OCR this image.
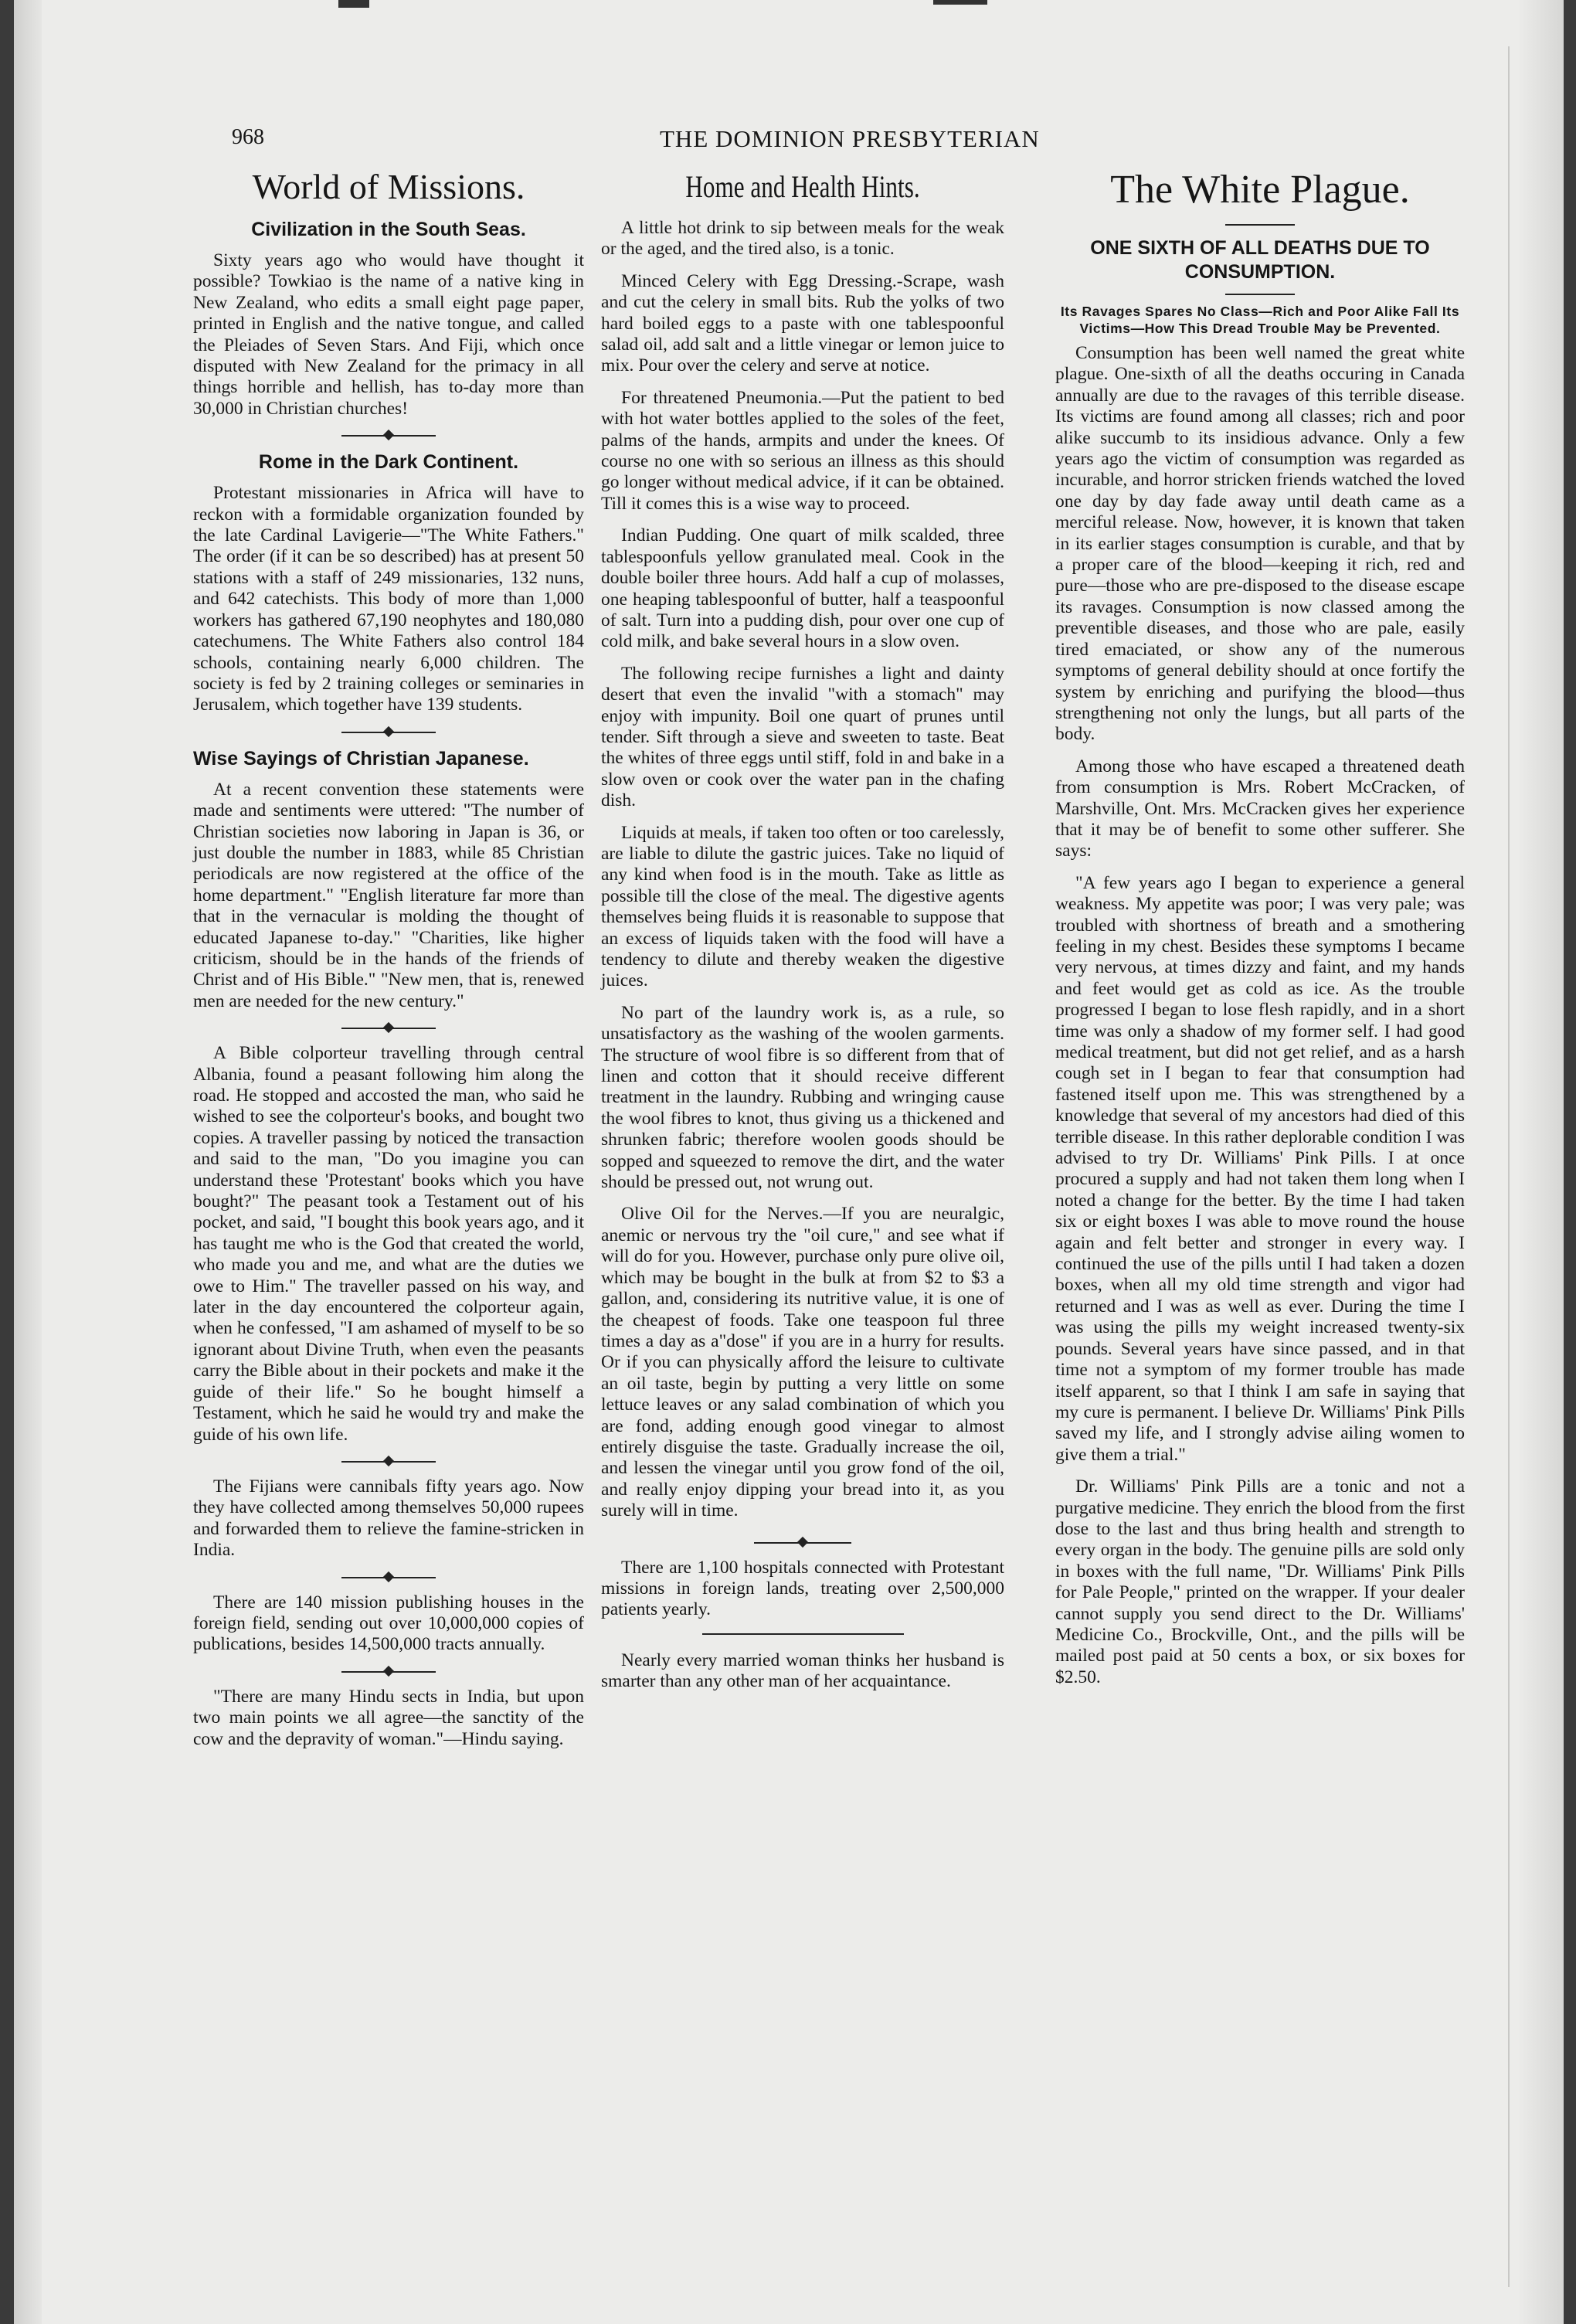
968	THE DOMINION PRESBYTERIAN
World of Missions.
Civilization in the South Seas.

Sixty years ago who would have thought it possible? Towkiao is the name of a native king in New Zealand, who edits a small eight page paper, printed in English and the native tongue, and called the Pleiades of Seven Stars. And Fiji, which once disputed with New Zealand for the primacy in all things horrible and hellish, has to-day more than 30,000 in Christian churches!

Rome in the Dark Continent.

Protestant missionaries in Africa will have to reckon with a formidable organization founded by the late Cardinal Lavigerie—"The White Fathers." The order (if it can be so described) has at present 50 stations with a staff of 249 missionaries, 132 nuns, and 642 catechists. This body of more than 1,000 workers has gathered 67,190 neophytes and 180,080 catechumens. The White Fathers also control 184 schools, containing nearly 6,000 children. The society is fed by 2 training colleges or seminaries in Jerusalem, which together have 139 students.

Wise Sayings of Christian Japanese.

At a recent convention these statements were made and sentiments were uttered: "The number of Christian societies now laboring in Japan is 36, or just double the number in 1883, while 85 Christian periodicals are now registered at the office of the home department." "English literature far more than that in the vernacular is molding the thought of educated Japanese to-day." "Charities, like higher criticism, should be in the hands of the friends of Christ and of His Bible." "New men, that is, renewed men are needed for the new century."

A Bible colporteur travelling through central Albania, found a peasant following him along the road. He stopped and accosted the man, who said he wished to see the colporteur's books, and bought two copies. A traveller passing by noticed the transaction and said to the man, "Do you imagine you can understand these 'Protestant' books which you have bought?" The peasant took a Testament out of his pocket, and said, "I bought this book years ago, and it has taught me who is the God that created the world, who made you and me, and what are the duties we owe to Him." The traveller passed on his way, and later in the day encountered the colporteur again, when he confessed, "I am ashamed of myself to be so ignorant about Divine Truth, when even the peasants carry the Bible about in their pockets and make it the guide of their life." So he bought himself a Testament, which he said he would try and make the guide of his own life.

The Fijians were cannibals fifty years ago. Now they have collected among themselves 50,000 rupees and forwarded them to relieve the famine-stricken in India.

There are 140 mission publishing houses in the foreign field, sending out over 10,000,000 copies of publications, besides 14,500,000 tracts annually.

"There are many Hindu sects in India, but upon two main points we all agree—the sanctity of the cow and the depravity of woman."—Hindu saying.

Home and Health Hints.

A little hot drink to sip between meals for the weak or the aged, and the tired also, is a tonic.

Minced Celery with Egg Dressing.-Scrape, wash and cut the celery in small bits. Rub the yolks of two hard boiled eggs to a paste with one tablespoonful salad oil, add salt and a little vinegar or lemon juice to mix. Pour over the celery and serve at notice.

For threatened Pneumonia.—Put the patient to bed with hot water bottles applied to the soles of the feet, palms of the hands, armpits and under the knees. Of course no one with so serious an illness as this should go longer without medical advice, if it can be obtained. Till it comes this is a wise way to proceed.

Indian Pudding. One quart of milk scalded, three tablespoonfuls yellow granulated meal. Cook in the double boiler three hours. Add half a cup of molasses, one heaping tablespoonful of butter, half a teaspoonful of salt. Turn into a pudding dish, pour over one cup of cold milk, and bake several hours in a slow oven.

The following recipe furnishes a light and dainty desert that even the invalid "with a stomach" may enjoy with impunity. Boil one quart of prunes until tender. Sift through a sieve and sweeten to taste. Beat the whites of three eggs until stiff, fold in and bake in a slow oven or cook over the water pan in the chafing dish.

Liquids at meals, if taken too often or too carelessly, are liable to dilute the gastric juices. Take no liquid of any kind when food is in the mouth. Take as little as possible till the close of the meal. The digestive agents themselves being fluids it is reasonable to suppose that an excess of liquids taken with the food will have a tendency to dilute and thereby weaken the digestive juices.

No part of the laundry work is, as a rule, so unsatisfactory as the washing of the woolen garments. The structure of wool fibre is so different from that of linen and cotton that it should receive different treatment in the laundry. Rubbing and wringing cause the wool fibres to knot, thus giving us a thickened and shrunken fabric; therefore woolen goods should be sopped and squeezed to remove the dirt, and the water should be pressed out, not wrung out.

Olive Oil for the Nerves.—If you are neuralgic, anemic or nervous try the "oil cure," and see what if will do for you. However, purchase only pure olive oil, which may be bought in the bulk at from $2 to $3 a gallon, and, considering its nutritive value, it is one of the cheapest of foods. Take one teaspoon ful three times a day as a"dose" if you are in a hurry for results. Or if you can physically afford the leisure to cultivate an oil taste, begin by putting a very little on some lettuce leaves or any salad combination of which you are fond, adding enough good vinegar to almost entirely disguise the taste. Gradually increase the oil, and lessen the vinegar until you grow fond of the oil, and really enjoy dipping your bread into it, as you surely will in time.

There are 1,100 hospitals connected with Protestant missions in foreign lands, treating over 2,500,000 patients yearly.

Nearly every married woman thinks her husband is smarter than any other man of her acquaintance.

The White Plague.
ONE SIXTH OF ALL DEATHS DUE TO CONSUMPTION.
Its Ravages Spares No Class—Rich and Poor Alike Fall Its Victims—How This Dread Trouble May be Prevented.

Consumption has been well named the great white plague. One-sixth of all the deaths occuring in Canada annually are due to the ravages of this terrible disease. Its victims are found among all classes; rich and poor alike succumb to its insidious advance. Only a few years ago the victim of consumption was regarded as incurable, and horror stricken friends watched the loved one day by day fade away until death came as a merciful release. Now, however, it is known that taken in its earlier stages consumption is curable, and that by a proper care of the blood—keeping it rich, red and pure—those who are pre-disposed to the disease escape its ravages. Consumption is now classed among the preventible diseases, and those who are pale, easily tired emaciated, or show any of the numerous symptoms of general debility should at once fortify the system by enriching and purifying the blood—thus strengthening not only the lungs, but all parts of the body.

Among those who have escaped a threatened death from consumption is Mrs. Robert McCracken, of Marshville, Ont. Mrs. McCracken gives her experience that it may be of benefit to some other sufferer. She says:

"A few years ago I began to experience a general weakness. My appetite was poor; I was very pale; was troubled with shortness of breath and a smothering feeling in my chest. Besides these symptoms I became very nervous, at times dizzy and faint, and my hands and feet would get as cold as ice. As the trouble progressed I began to lose flesh rapidly, and in a short time was only a shadow of my former self. I had good medical treatment, but did not get relief, and as a harsh cough set in I began to fear that consumption had fastened itself upon me. This was strengthened by a knowledge that several of my ancestors had died of this terrible disease. In this rather deplorable condition I was advised to try Dr. Williams' Pink Pills. I at once procured a supply and had not taken them long when I noted a change for the better. By the time I had taken six or eight boxes I was able to move round the house again and felt better and stronger in every way. I continued the use of the pills until I had taken a dozen boxes, when all my old time strength and vigor had returned and I was as well as ever. During the time I was using the pills my weight increased twenty-six pounds. Several years have since passed, and in that time not a symptom of my former trouble has made itself apparent, so that I think I am safe in saying that my cure is permanent. I believe Dr. Williams' Pink Pills saved my life, and I strongly advise ailing women to give them a trial."

Dr. Williams' Pink Pills are a tonic and not a purgative medicine. They enrich the blood from the first dose to the last and thus bring health and strength to every organ in the body. The genuine pills are sold only in boxes with the full name, "Dr. Williams' Pink Pills for Pale People," printed on the wrapper. If your dealer cannot supply you send direct to the Dr. Williams' Medicine Co., Brockville, Ont., and the pills will be mailed post paid at 50 cents a box, or six boxes for $2.50.
